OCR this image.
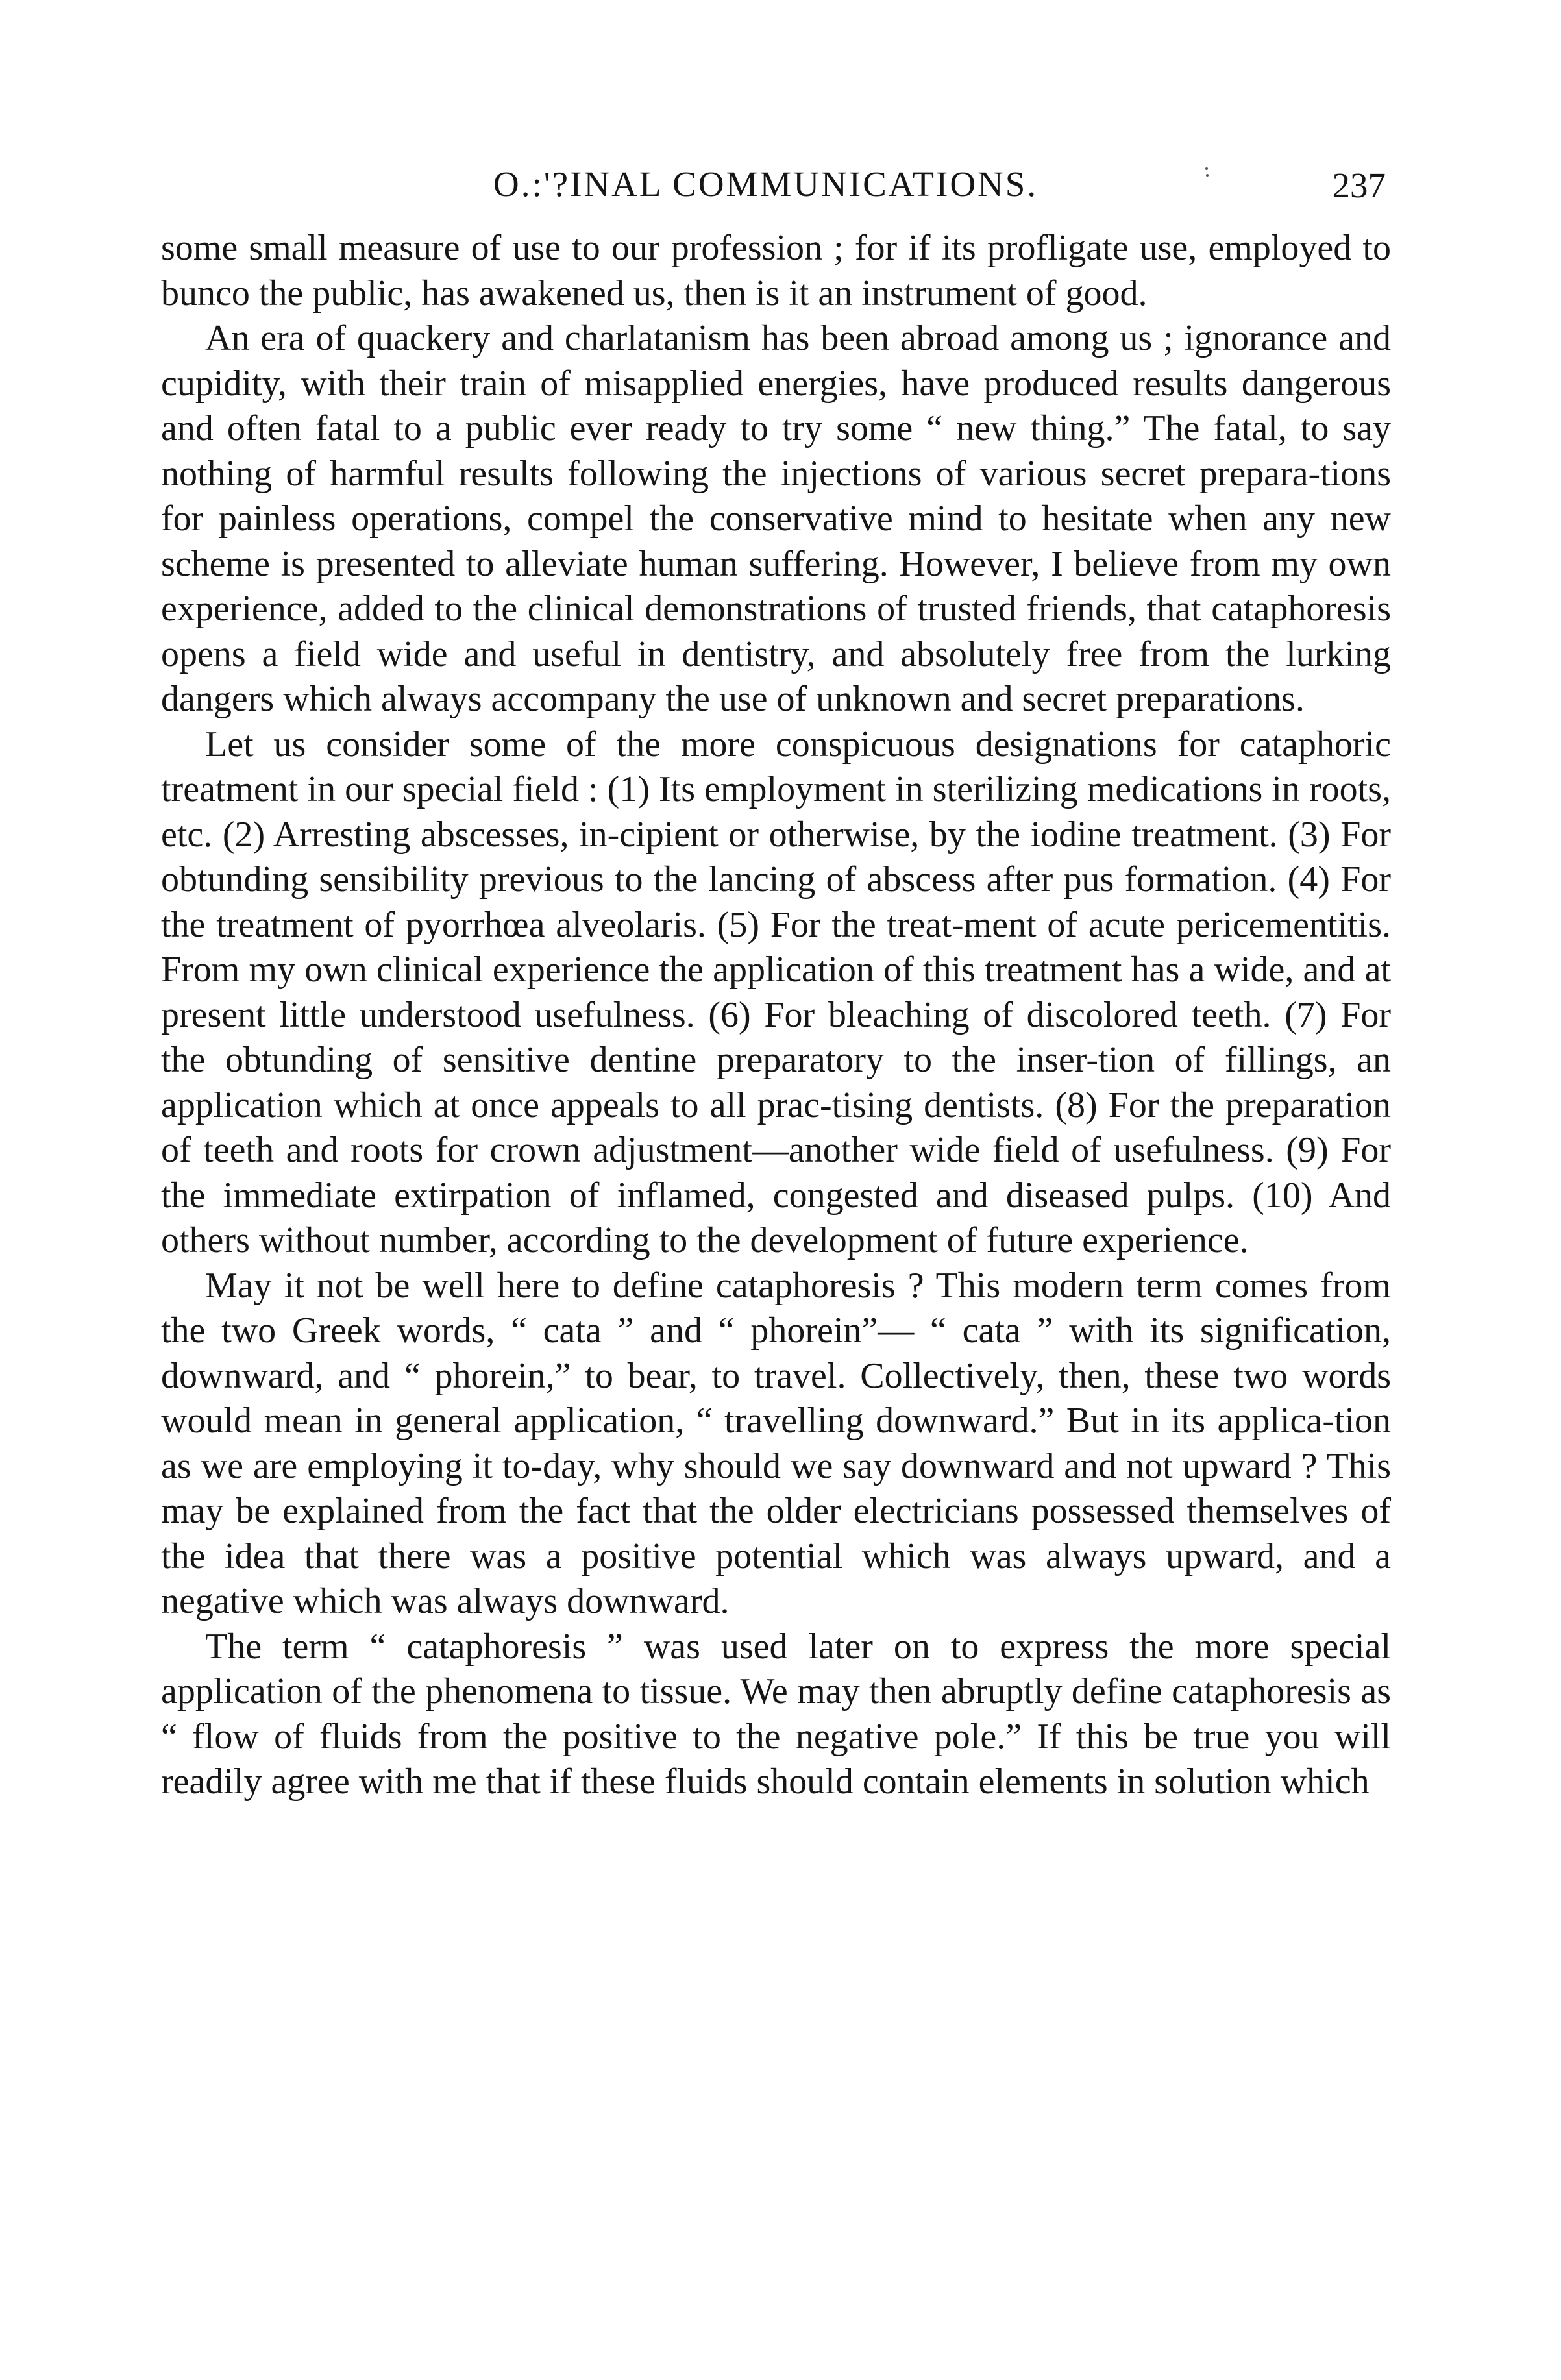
O.:'?INAL COMMUNICATIONS.	237

some small measure of use to our profession ; for if its profligate use, employed to bunco the public, has awakened us, then is it an instrument of good.

An era of quackery and charlatanism has been abroad among us ; ignorance and cupidity, with their train of misapplied energies, have produced results dangerous and often fatal to a public ever ready to try some “ new thing.” The fatal, to say nothing of harmful results following the injections of various secret prepara-tions for painless operations, compel the conservative mind to hesitate when any new scheme is presented to alleviate human suffering. However, I believe from my own experience, added to the clinical demonstrations of trusted friends, that cataphoresis opens a field wide and useful in dentistry, and absolutely free from the lurking dangers which always accompany the use of unknown and secret preparations.

Let us consider some of the more conspicuous designations for cataphoric treatment in our special field : (1) Its employment in sterilizing medications in roots, etc. (2) Arresting abscesses, in-cipient or otherwise, by the iodine treatment. (3) For obtunding sensibility previous to the lancing of abscess after pus formation. (4) For the treatment of pyorrhœa alveolaris. (5) For the treat-ment of acute pericementitis. From my own clinical experience the application of this treatment has a wide, and at present little understood usefulness. (6) For bleaching of discolored teeth. (7) For the obtunding of sensitive dentine preparatory to the inser-tion of fillings, an application which at once appeals to all prac-tising dentists. (8) For the preparation of teeth and roots for crown adjustment—another wide field of usefulness. (9) For the immediate extirpation of inflamed, congested and diseased pulps. (10) And others without number, according to the development of future experience.

May it not be well here to define cataphoresis ? This modern term comes from the two Greek words, “ cata ” and “ phorein”— “ cata ” with its signification, downward, and “ phorein,” to bear, to travel. Collectively, then, these two words would mean in general application, “ travelling downward.” But in its applica-tion as we are employing it to-day, why should we say downward and not upward ? This may be explained from the fact that the older electricians possessed themselves of the idea that there was a positive potential which was always upward, and a negative which was always downward.

The term “ cataphoresis ” was used later on to express the more special application of the phenomena to tissue. We may then abruptly define cataphoresis as “ flow of fluids from the positive to the negative pole.” If this be true you will readily agree with me that if these fluids should contain elements in solution which
